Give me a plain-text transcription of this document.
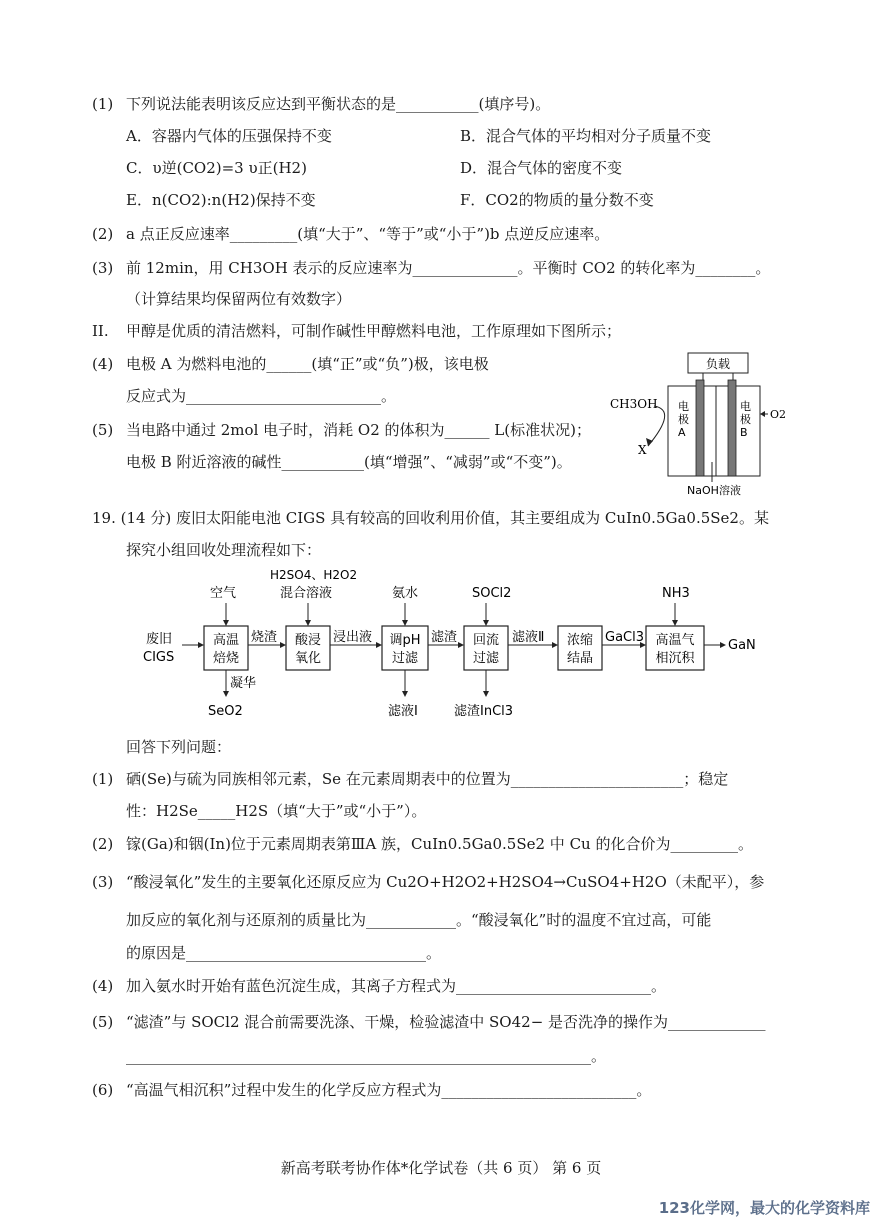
(1) 下列说法能表明该反应达到平衡状态的是___________(填序号)。
A．容器内气体的压强保持不变	B．混合气体的平均相对分子质量不变
C．υ逆(CO2)=3 υ正(H2)	D．混合气体的密度不变
E．n(CO2):n(H2)保持不变	F．CO2的物质的量分数不变
(2) a 点正反应速率_________(填“大于”、“等于”或“小于”)b 点逆反应速率。
(3) 前 12min，用 CH3OH 表示的反应速率为______________。平衡时 CO2 的转化率为________。
（计算结果均保留两位有效数字）
II. 甲醇是优质的清洁燃料，可制作碱性甲醇燃料电池，工作原理如下图所示；
(4) 电极 A 为燃料电池的______(填“正”或“负”)极，该电极
反应式为__________________________。
(5) 当电路中通过 2mol 电子时，消耗 O2 的体积为______ L(标准状况)；
电极 B 附近溶液的碱性___________(填“增强”、“减弱”或“不变”)。
负载
电极 A
电极 B
CH3OH
X
O2
NaOH溶液
19. (14 分) 废旧太阳能电池 CIGS 具有较高的回收利用价值，其主要组成为 CuIn0.5Ga0.5Se2。某
探究小组回收处理流程如下：
废旧
CIGS
高温
焙烧
空气
凝华
SeO2
烧渣 酸浸
氧化
H2SO4、H2O2
混合溶液
浸出液 调pH
过滤
氨水
滤液Ⅰ
滤渣 回流
过滤
SOCl2
滤渣InCl3
滤液Ⅱ 浓缩
结晶
GaCl3 高温气
相沉积
NH3
GaN
回答下列问题：
(1) 硒(Se)与硫为同族相邻元素，Se 在元素周期表中的位置为_______________________；稳定
性：H2Se_____H2S（填“大于”或“小于”）。
(2) 镓(Ga)和铟(In)位于元素周期表第ⅢA 族，CuIn0.5Ga0.5Se2 中 Cu 的化合价为_________。
(3) “酸浸氧化”发生的主要氧化还原反应为 Cu2O+H2O2+H2SO4→CuSO4+H2O（未配平），参
加反应的氧化剂与还原剂的质量比为____________。“酸浸氧化”时的温度不宜过高，可能
的原因是________________________________。
(4) 加入氨水时开始有蓝色沉淀生成，其离子方程式为__________________________。
(5) “滤渣”与 SOCl2 混合前需要洗涤、干燥，检验滤渣中 SO42− 是否洗净的操作为_____________
______________________________________________________________。
(6) “高温气相沉积”过程中发生的化学反应方程式为__________________________。
新高考联考协作体*化学试卷（共 6 页） 第 6 页
123化学网，最大的化学资料库
